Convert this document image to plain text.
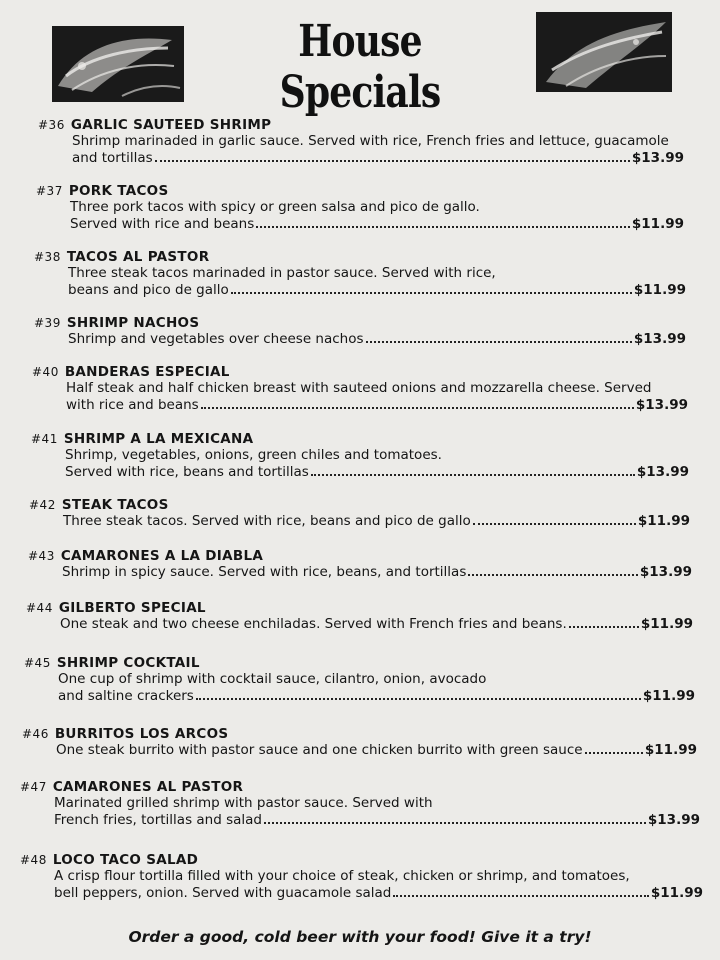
House Specials
#36 GARLIC SAUTEED SHRIMP
Shrimp marinaded in garlic sauce. Served with rice, French fries and lettuce, guacamole
and tortillas	$13.99
#37 PORK TACOS
Three pork tacos with spicy or green salsa and pico de gallo.
Served with rice and beans	$11.99
#38 TACOS AL PASTOR
Three steak tacos marinaded in pastor sauce. Served with rice,
beans and pico de gallo	$11.99
#39 SHRIMP NACHOS
Shrimp and vegetables over cheese nachos	$13.99
#40 BANDERAS ESPECIAL
Half steak and half chicken breast with sauteed onions and mozzarella cheese. Served
with rice and beans	$13.99
#41 SHRIMP A LA MEXICANA
Shrimp, vegetables, onions, green chiles and tomatoes.
Served with rice, beans and tortillas	$13.99
#42 STEAK TACOS
Three steak tacos. Served with rice, beans and pico de gallo	$11.99
#43 CAMARONES A LA DIABLA
Shrimp in spicy sauce. Served with rice, beans, and tortillas	$13.99
#44 GILBERTO SPECIAL
One steak and two cheese enchiladas. Served with French fries and beans.	$11.99
#45 SHRIMP COCKTAIL
One cup of shrimp with cocktail sauce, cilantro, onion, avocado
and saltine crackers	$11.99
#46 BURRITOS LOS ARCOS
One steak burrito with pastor sauce and one chicken burrito with green sauce	$11.99
#47 CAMARONES AL PASTOR
Marinated grilled shrimp with pastor sauce. Served with
French fries, tortillas and salad	$13.99
#48 LOCO TACO SALAD
A crisp flour tortilla filled with your choice of steak, chicken or shrimp, and tomatoes,
bell peppers, onion. Served with guacamole salad	$11.99
Order a good, cold beer with your food! Give it a try!
